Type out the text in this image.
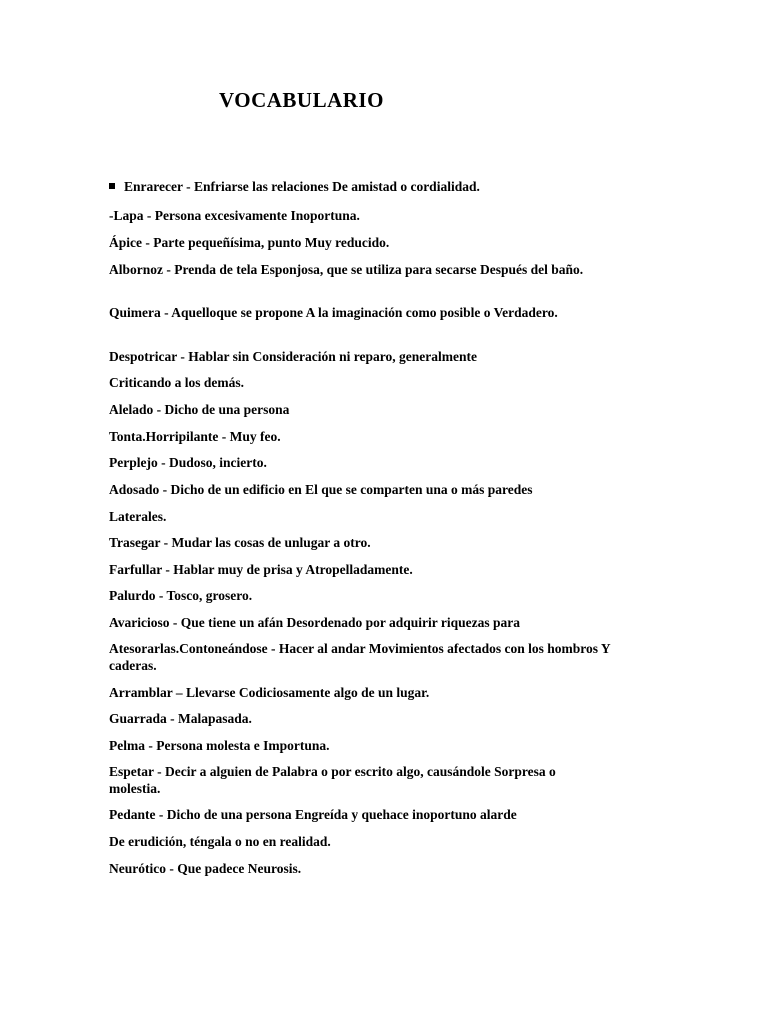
VOCABULARIO

Enrarecer - Enfriarse las relaciones De amistad o cordialidad.

-Lapa - Persona excesivamente Inoportuna.

Ápice - Parte pequeñísima, punto Muy reducido.

Albornoz - Prenda de tela Esponjosa, que se utiliza para secarse Después del baño.

Quimera - Aquelloque se propone A la imaginación como posible o Verdadero.

Despotricar - Hablar sin Consideración ni reparo, generalmente

Criticando a los demás.

Alelado - Dicho de una persona

Tonta.Horripilante - Muy feo.

Perplejo - Dudoso, incierto.

Adosado - Dicho de un edificio en El que se comparten una o más paredes

Laterales.

Trasegar - Mudar las cosas de unlugar a otro.

Farfullar - Hablar muy de prisa y Atropelladamente.

Palurdo - Tosco, grosero.

Avaricioso - Que tiene un afán Desordenado por adquirir riquezas para

Atesorarlas.Contoneándose - Hacer al andar Movimientos afectados con los hombros Y caderas.

Arramblar – Llevarse Codiciosamente algo de un lugar.

Guarrada - Malapasada.

Pelma - Persona molesta e Importuna.

Espetar - Decir a alguien de Palabra o por escrito algo, causándole Sorpresa o molestia.

Pedante - Dicho de una persona Engreída y quehace inoportuno alarde

De erudición, téngala o no en realidad.

Neurótico - Que padece Neurosis.
